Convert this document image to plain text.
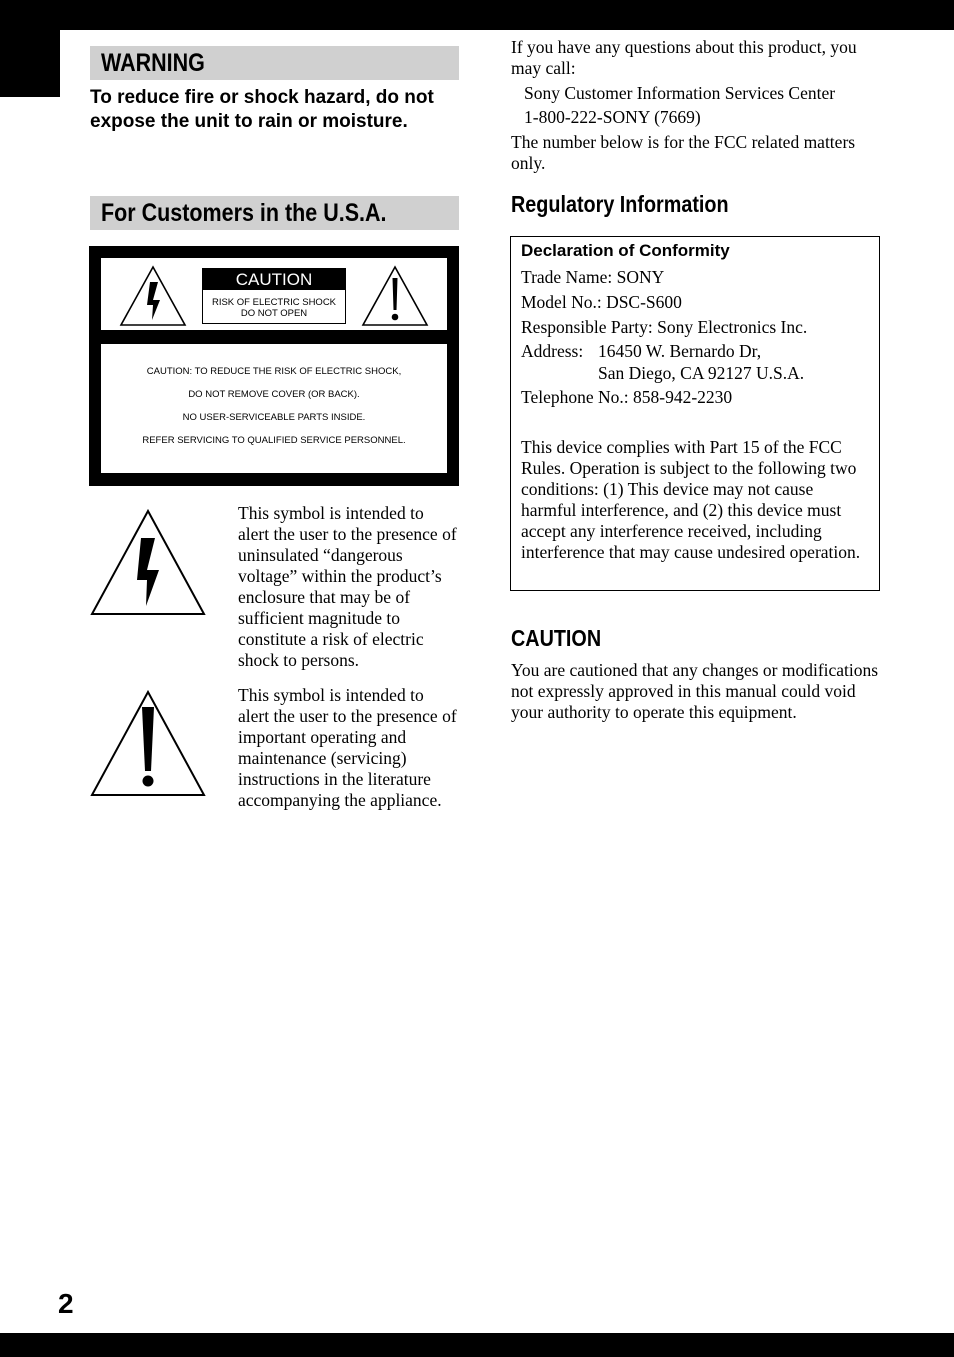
WARNING
To reduce fire or shock hazard, do not expose the unit to rain or moisture.
For Customers in the U.S.A.
CAUTION
RISK OF ELECTRIC SHOCK
DO NOT OPEN
CAUTION: TO REDUCE THE RISK OF ELECTRIC SHOCK,
DO NOT REMOVE COVER (OR BACK).
NO USER-SERVICEABLE PARTS INSIDE.
REFER SERVICING TO QUALIFIED SERVICE PERSONNEL.
This symbol is intended to alert the user to the presence of uninsulated “dangerous voltage” within the product’s enclosure that may be of sufficient magnitude to constitute a risk of electric shock to persons.
This symbol is intended to alert the user to the presence of important operating and maintenance (servicing) instructions in the literature accompanying the appliance.
If you have any questions about this product, you may call:
Sony Customer Information Services Center
1-800-222-SONY (7669)
The number below is for the FCC related matters only.
Regulatory Information
Declaration of Conformity
Trade Name: SONY
Model No.: DSC-S600
Responsible Party: Sony Electronics Inc.
Address: 16450 W. Bernardo Dr,
San Diego, CA 92127 U.S.A.
Telephone No.: 858-942-2230
This device complies with Part 15 of the FCC Rules. Operation is subject to the following two conditions: (1) This device may not cause harmful interference, and (2) this device must accept any interference received, including interference that may cause undesired operation.
CAUTION
You are cautioned that any changes or modifications not expressly approved in this manual could void your authority to operate this equipment.
2
